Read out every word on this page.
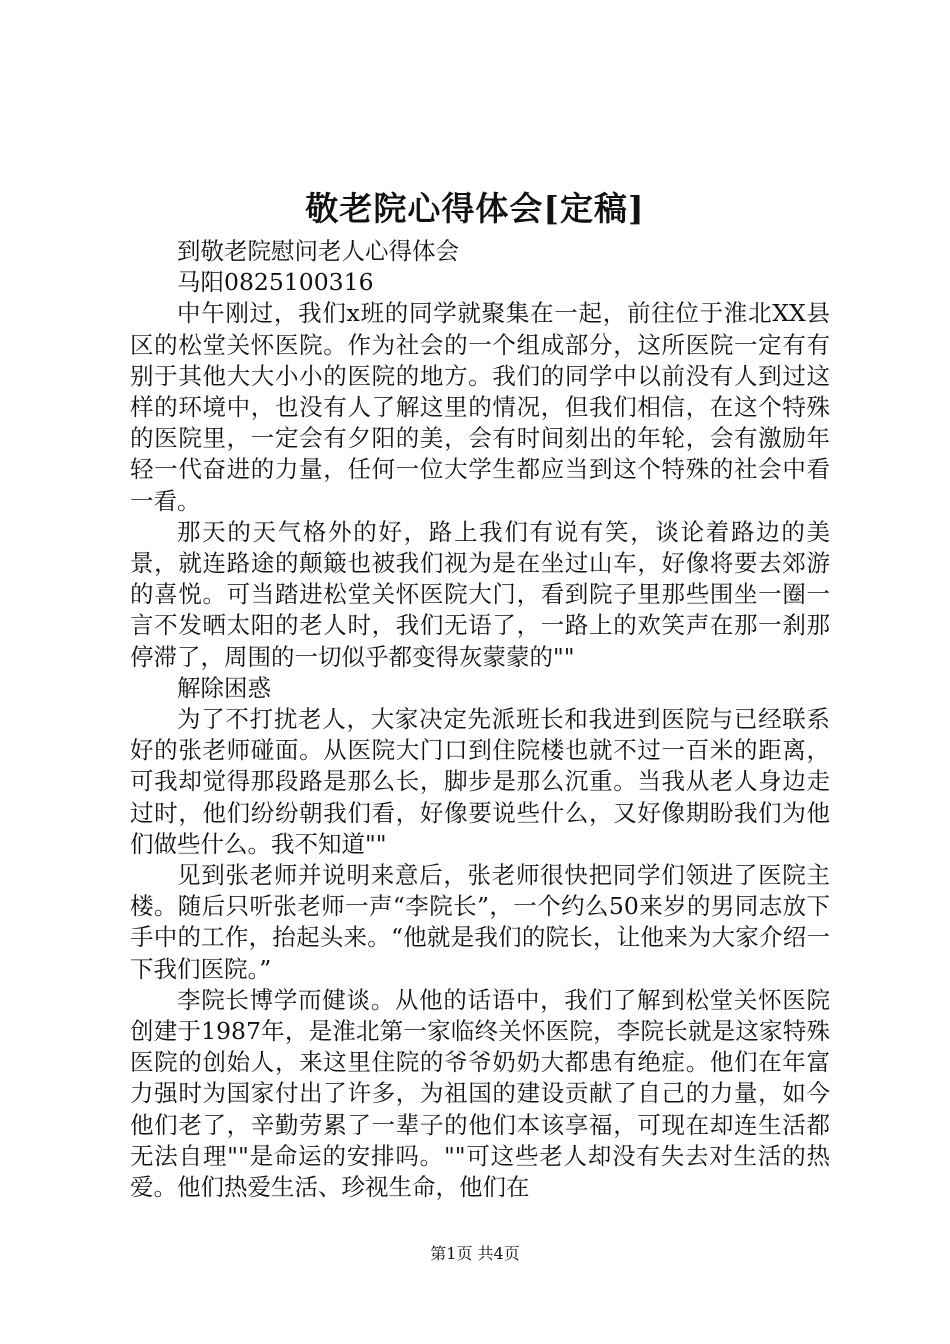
敬老院心得体会[定稿]

到敬老院慰问老人心得体会

马阳0825100316

中午刚过，我们x班的同学就聚集在一起，前往位于淮北XX县区的松堂关怀医院。作为社会的一个组成部分，这所医院一定有有别于其他大大小小的医院的地方。我们的同学中以前没有人到过这样的环境中，也没有人了解这里的情况，但我们相信，在这个特殊的医院里，一定会有夕阳的美，会有时间刻出的年轮，会有激励年轻一代奋进的力量，任何一位大学生都应当到这个特殊的社会中看一看。

那天的天气格外的好，路上我们有说有笑，谈论着路边的美景，就连路途的颠簸也被我们视为是在坐过山车，好像将要去郊游的喜悦。可当踏进松堂关怀医院大门，看到院子里那些围坐一圈一言不发晒太阳的老人时，我们无语了，一路上的欢笑声在那一刹那停滞了，周围的一切似乎都变得灰蒙蒙的""

解除困惑

为了不打扰老人，大家决定先派班长和我进到医院与已经联系好的张老师碰面。从医院大门口到住院楼也就不过一百米的距离，可我却觉得那段路是那么长，脚步是那么沉重。当我从老人身边走过时，他们纷纷朝我们看，好像要说些什么，又好像期盼我们为他们做些什么。我不知道""

见到张老师并说明来意后，张老师很快把同学们领进了医院主楼。随后只听张老师一声“李院长”，一个约么50来岁的男同志放下手中的工作，抬起头来。“他就是我们的院长，让他来为大家介绍一下我们医院。”

李院长博学而健谈。从他的话语中，我们了解到松堂关怀医院创建于1987年，是淮北第一家临终关怀医院，李院长就是这家特殊医院的创始人，来这里住院的爷爷奶奶大都患有绝症。他们在年富力强时为国家付出了许多，为祖国的建设贡献了自己的力量，如今他们老了，辛勤劳累了一辈子的他们本该享福，可现在却连生活都无法自理""是命运的安排吗。""可这些老人却没有失去对生活的热爱。他们热爱生活、珍视生命，他们在

第1页 共4页
